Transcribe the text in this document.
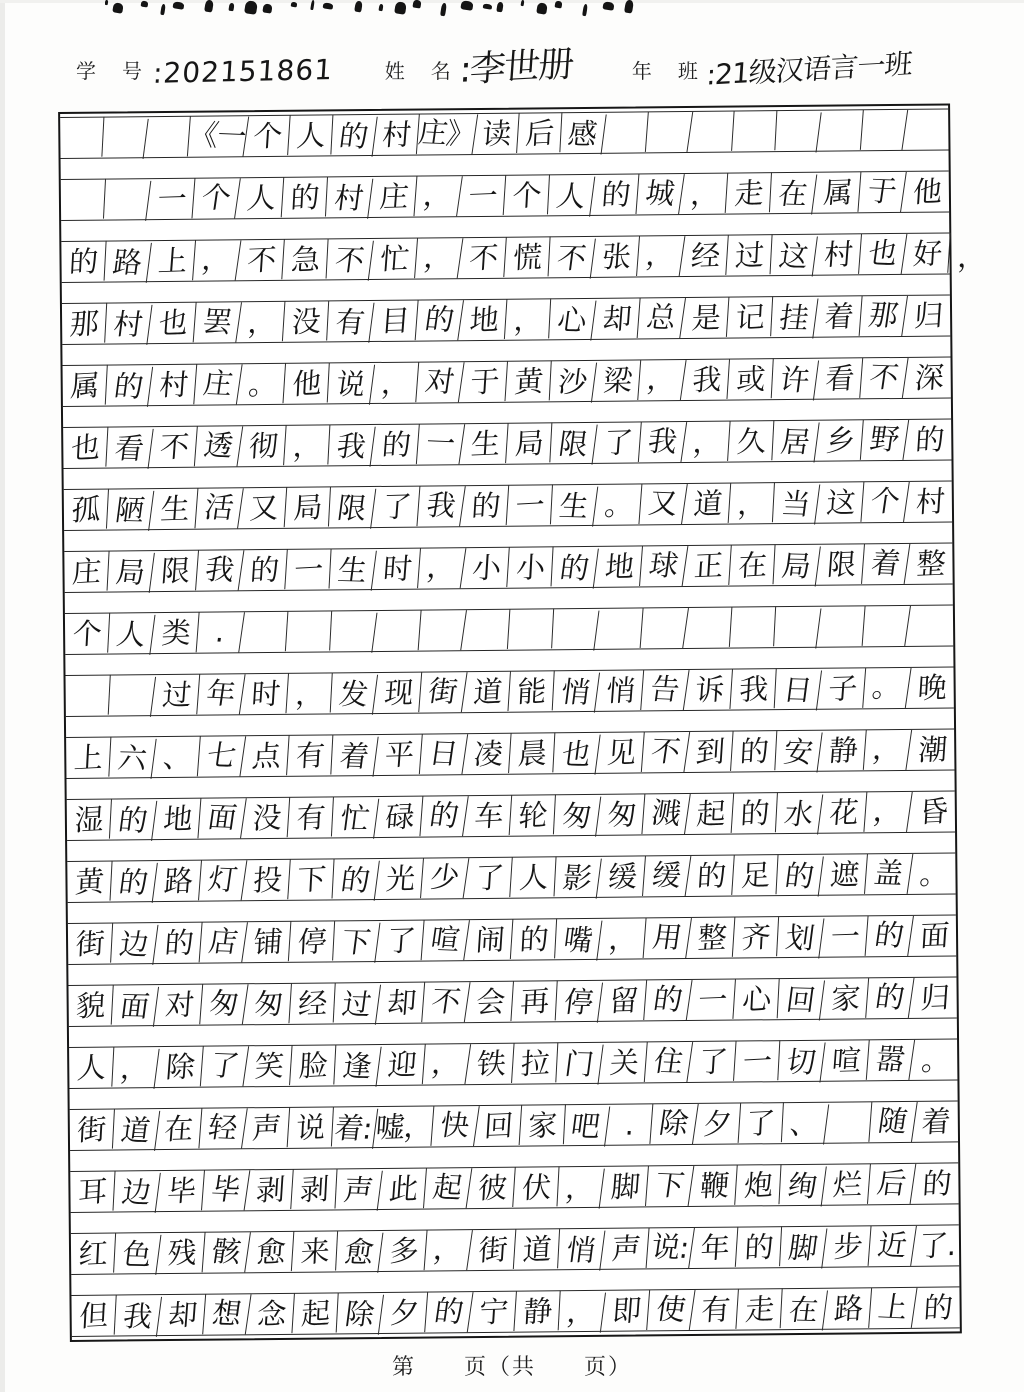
学　号 :202151861	姓　名 :李世册	年　班 :21级汉语言一班
《一 个 人 的 村 庄》 读 后 感
一 个 人 的 村 庄 ， 一 个 人 的 城 ， 走 在 属 于 他
的 路 上 ， 不 急 不 忙 ， 不 慌 不 张 ， 经 过 这 村 也 好 ，
那 村 也 罢 ， 没 有 目 的 地 ， 心 却 总 是 记 挂 着 那 归
属 的 村 庄 。 他 说 ， 对 于 黄 沙 梁 ， 我 或 许 看 不 深
也 看 不 透 彻 ， 我 的 一 生 局 限 了 我 ， 久 居 乡 野 的
孤 陋 生 活 又 局 限 了 我 的 一 生 。 又 道 ， 当 这 个 村
庄 局 限 我 的 一 生 时 ， 小 小 的 地 球 正 在 局 限 着 整
个 人 类 .
过 年 时 ， 发 现 街 道 能 悄 悄 告 诉 我 日 子 。 晚
上 六 、 七 点 有 着 平 日 凌 晨 也 见 不 到 的 安 静 ， 潮
湿 的 地 面 没 有 忙 碌 的 车 轮 匆 匆 溅 起 的 水 花 ， 昏
黄 的 路 灯 投 下 的 光 少 了 人 影 缓 缓 的 足 的 遮 盖 。
街 边 的 店 铺 停 下 了 喧 闹 的 嘴 ， 用 整 齐 划 一 的 面
貌 面 对 匆 匆 经 过 却 不 会 再 停 留 的 一 心 回 家 的 归
人 ， 除 了 笑 脸 逢 迎 ， 铁 拉 门 关 住 了 一 切 喧 嚣 。
街 道 在 轻 声 说 着: 嘘， 快 回 家 吧 . 除 夕 了 、	随 着
耳 边 毕 毕 剥 剥 声 此 起 彼 伏 ， 脚 下 鞭 炮 绚 烂 后 的
红 色 残 骸 愈 来 愈 多 ， 街 道 悄 声 说: 年 的 脚 步 近 了.
但 我 却 想 念 起 除 夕 的 宁 静 ， 即 使 有 走 在 路 上 的
第　　页（共　　页）
